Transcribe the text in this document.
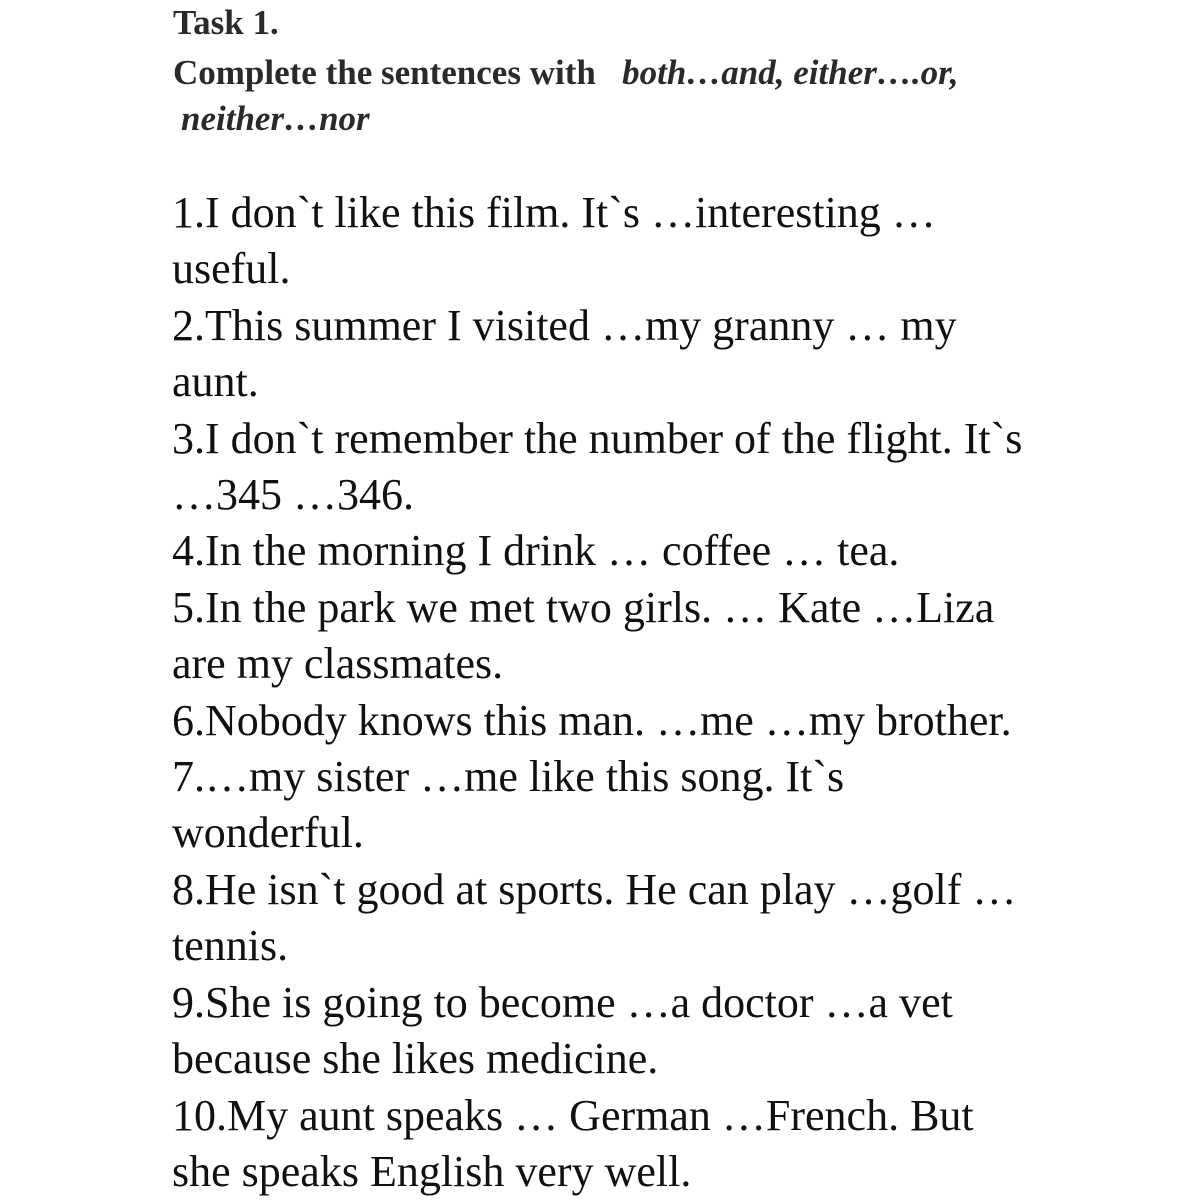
Task 1.

Complete the sentences with both…and, either….or,
neither…nor

1.I don`t like this film. It`s …interesting …
useful.
2.This summer I visited …my granny … my
aunt.
3.I don`t remember the number of the flight. It`s
…345 …346.
4.In the morning I drink … coffee … tea.
5.In the park we met two girls. … Kate …Liza
are my classmates.
6.Nobody knows this man. …me …my brother.
7.…my sister …me like this song. It`s
wonderful.
8.He isn`t good at sports. He can play …golf …
tennis.
9.She is going to become …a doctor …a vet
because she likes medicine.
10.My aunt speaks … German …French. But
she speaks English very well.
